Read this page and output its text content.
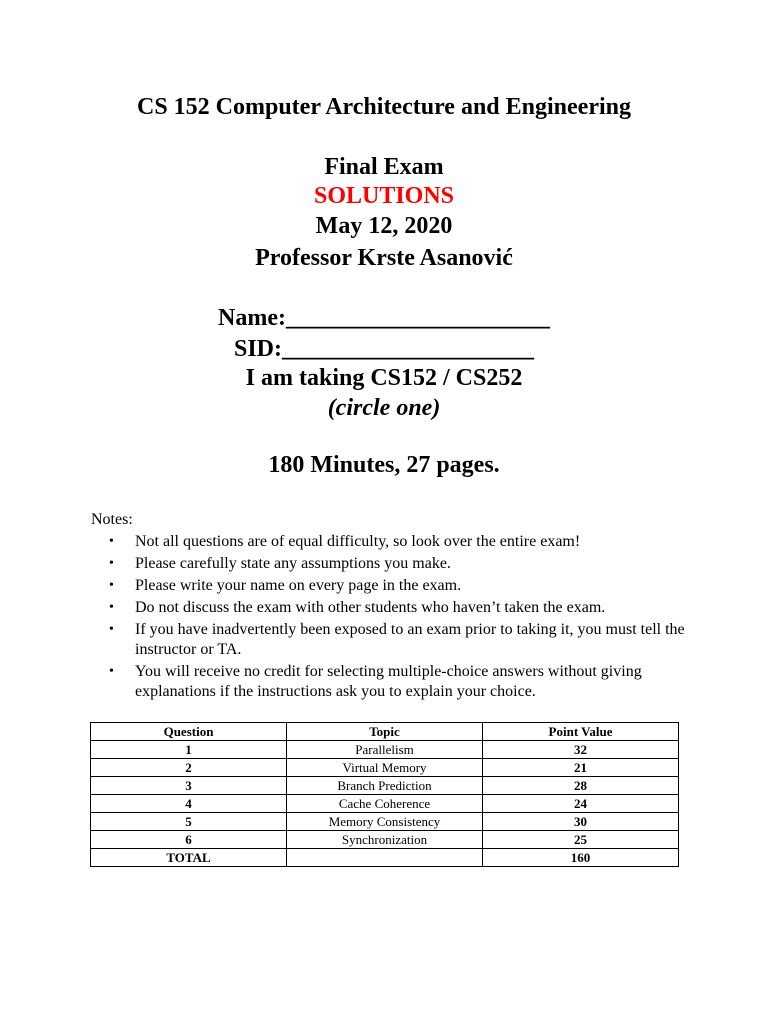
CS 152 Computer Architecture and Engineering
Final Exam
SOLUTIONS
May 12, 2020
Professor Krste Asanović
Name:______________________
SID:_____________________
I am taking CS152 / CS252
(circle one)
180 Minutes, 27 pages.
Notes:
• Not all questions are of equal difficulty, so look over the entire exam!
• Please carefully state any assumptions you make.
• Please write your name on every page in the exam.
• Do not discuss the exam with other students who haven’t taken the exam.
• If you have inadvertently been exposed to an exam prior to taking it, you must tell the instructor or TA.
• You will receive no credit for selecting multiple-choice answers without giving explanations if the instructions ask you to explain your choice.
Question	Topic	Point Value
1	Parallelism	32
2	Virtual Memory	21
3	Branch Prediction	28
4	Cache Coherence	24
5	Memory Consistency	30
6	Synchronization	25
TOTAL		160
